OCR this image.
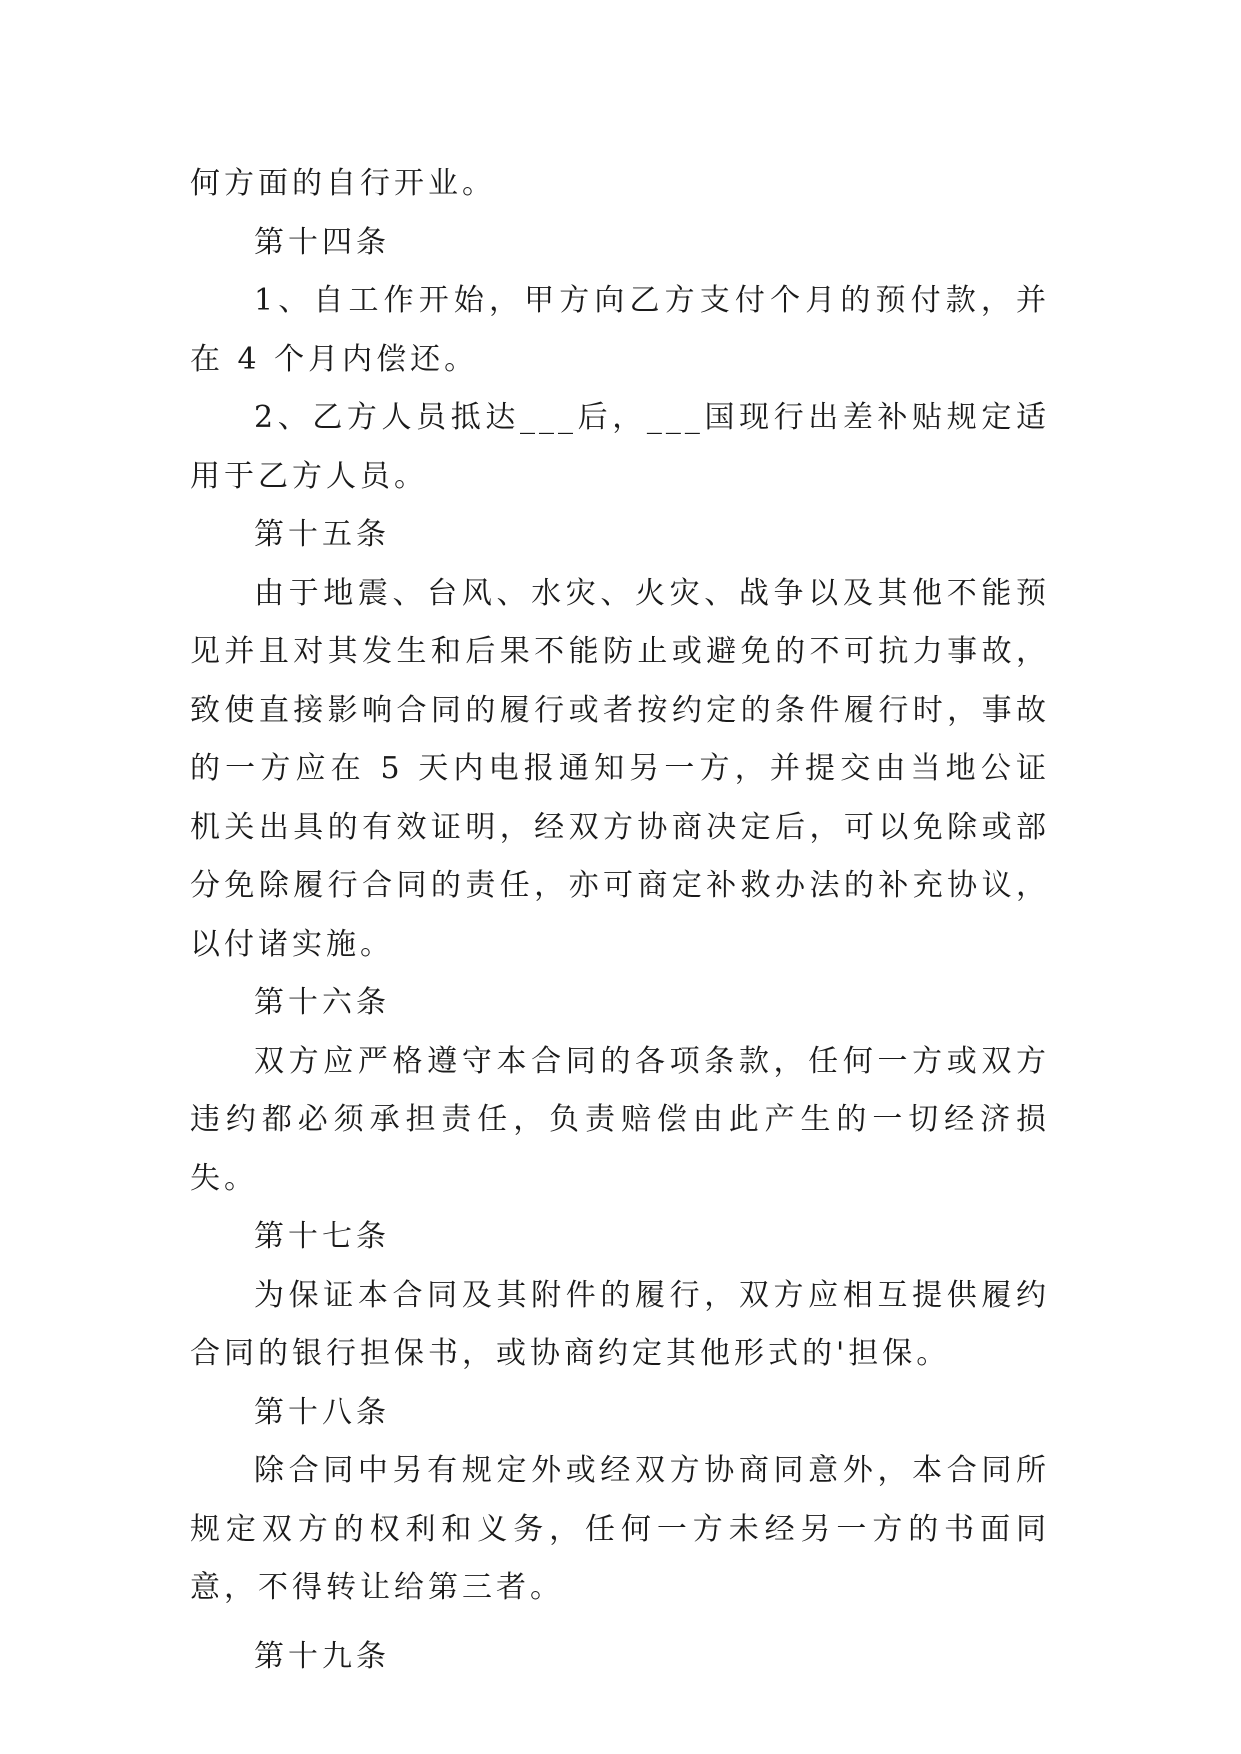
何方面的自行开业。

第十四条

1、自工作开始，甲方向乙方支付个月的预付款，并在 4 个月内偿还。

2、乙方人员抵达___后，___国现行出差补贴规定适用于乙方人员。

第十五条

由于地震、台风、水灾、火灾、战争以及其他不能预见并且对其发生和后果不能防止或避免的不可抗力事故，致使直接影响合同的履行或者按约定的条件履行时，事故的一方应在 5 天内电报通知另一方，并提交由当地公证机关出具的有效证明，经双方协商决定后，可以免除或部分免除履行合同的责任，亦可商定补救办法的补充协议，以付诸实施。

第十六条

双方应严格遵守本合同的各项条款，任何一方或双方违约都必须承担责任，负责赔偿由此产生的一切经济损失。

第十七条

为保证本合同及其附件的履行，双方应相互提供履约合同的银行担保书，或协商约定其他形式的'担保。

第十八条

除合同中另有规定外或经双方协商同意外，本合同所规定双方的权利和义务，任何一方未经另一方的书面同意，不得转让给第三者。

第十九条
